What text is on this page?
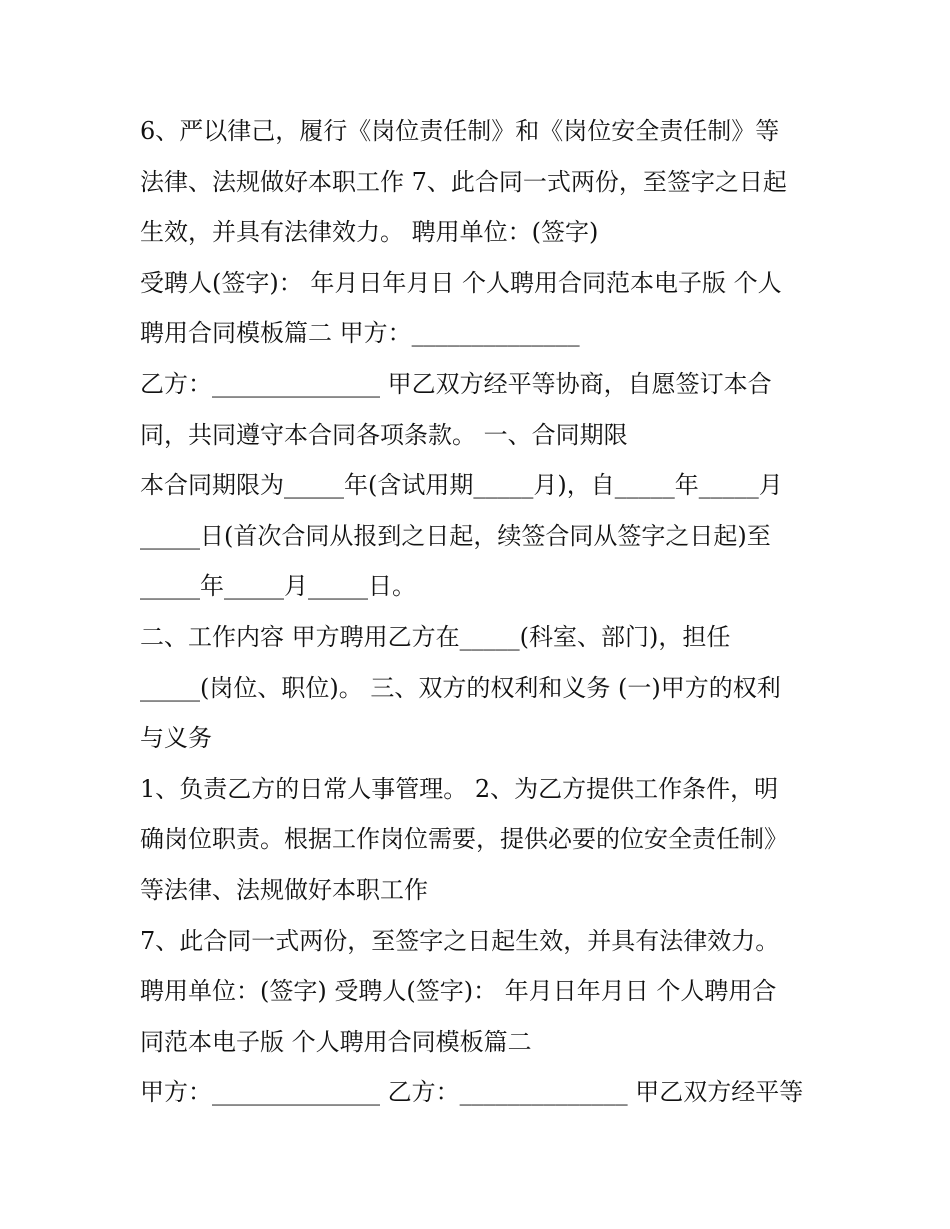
6、严以律己，履行《岗位责任制》和《岗位安全责任制》等
法律、法规做好本职工作 7、此合同一式两份，至签字之日起
生效，并具有法律效力。 聘用单位：(签字)
受聘人(签字)： 年月日年月日 个人聘用合同范本电子版 个人
聘用合同模板篇二 甲方：______________
乙方：______________ 甲乙双方经平等协商，自愿签订本合
同，共同遵守本合同各项条款。 一、合同期限
本合同期限为_____年(含试用期_____月)，自_____年_____月
_____日(首次合同从报到之日起，续签合同从签字之日起)至
_____年_____月_____日。
二、工作内容 甲方聘用乙方在_____(科室、部门)，担任
_____(岗位、职位)。 三、双方的权利和义务 (一)甲方的权利
与义务
1、负责乙方的日常人事管理。 2、为乙方提供工作条件，明
确岗位职责。根据工作岗位需要，提供必要的位安全责任制》
等法律、法规做好本职工作
7、此合同一式两份，至签字之日起生效，并具有法律效力。
聘用单位：(签字) 受聘人(签字)： 年月日年月日 个人聘用合
同范本电子版 个人聘用合同模板篇二
甲方：______________ 乙方：______________ 甲乙双方经平等
